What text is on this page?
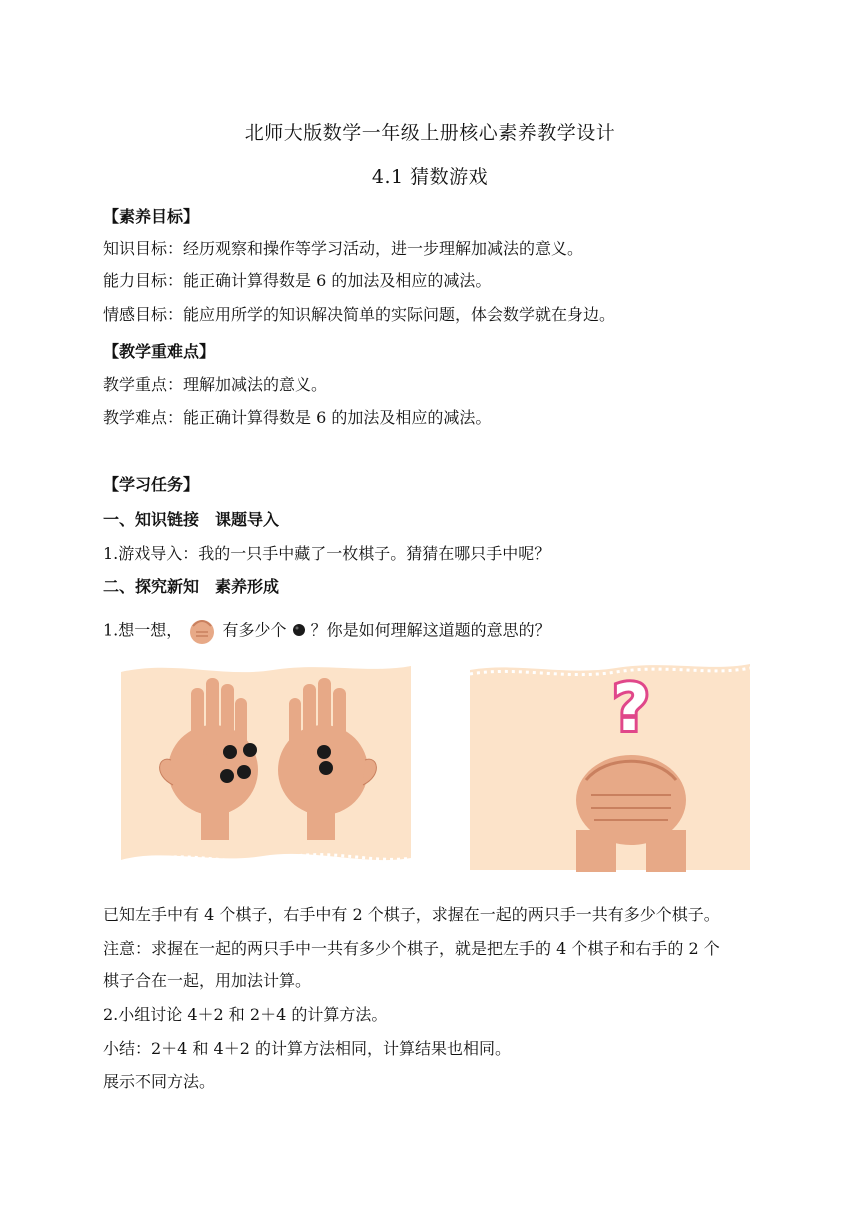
北师大版数学一年级上册核心素养教学设计
4.1 猜数游戏
【素养目标】
知识目标：经历观察和操作等学习活动，进一步理解加减法的意义。
能力目标：能正确计算得数是 6 的加法及相应的减法。
情感目标：能应用所学的知识解决简单的实际问题，体会数学就在身边。
【教学重难点】
教学重点：理解加减法的意义。
教学难点：能正确计算得数是 6 的加法及相应的减法。
【学习任务】
一、知识链接　课题导入
1.游戏导入：我的一只手中藏了一枚棋子。猜猜在哪只手中呢？
二、探究新知　素养形成
1.想一想，	有多少个 ？你是如何理解这道题的意思的？
?
已知左手中有 4 个棋子，右手中有 2 个棋子，求握在一起的两只手一共有多少个棋子。
注意：求握在一起的两只手中一共有多少个棋子，就是把左手的 4 个棋子和右手的 2 个
棋子合在一起，用加法计算。
2.小组讨论 4＋2 和 2＋4 的计算方法。
小结：2＋4 和 4＋2 的计算方法相同，计算结果也相同。
展示不同方法。
